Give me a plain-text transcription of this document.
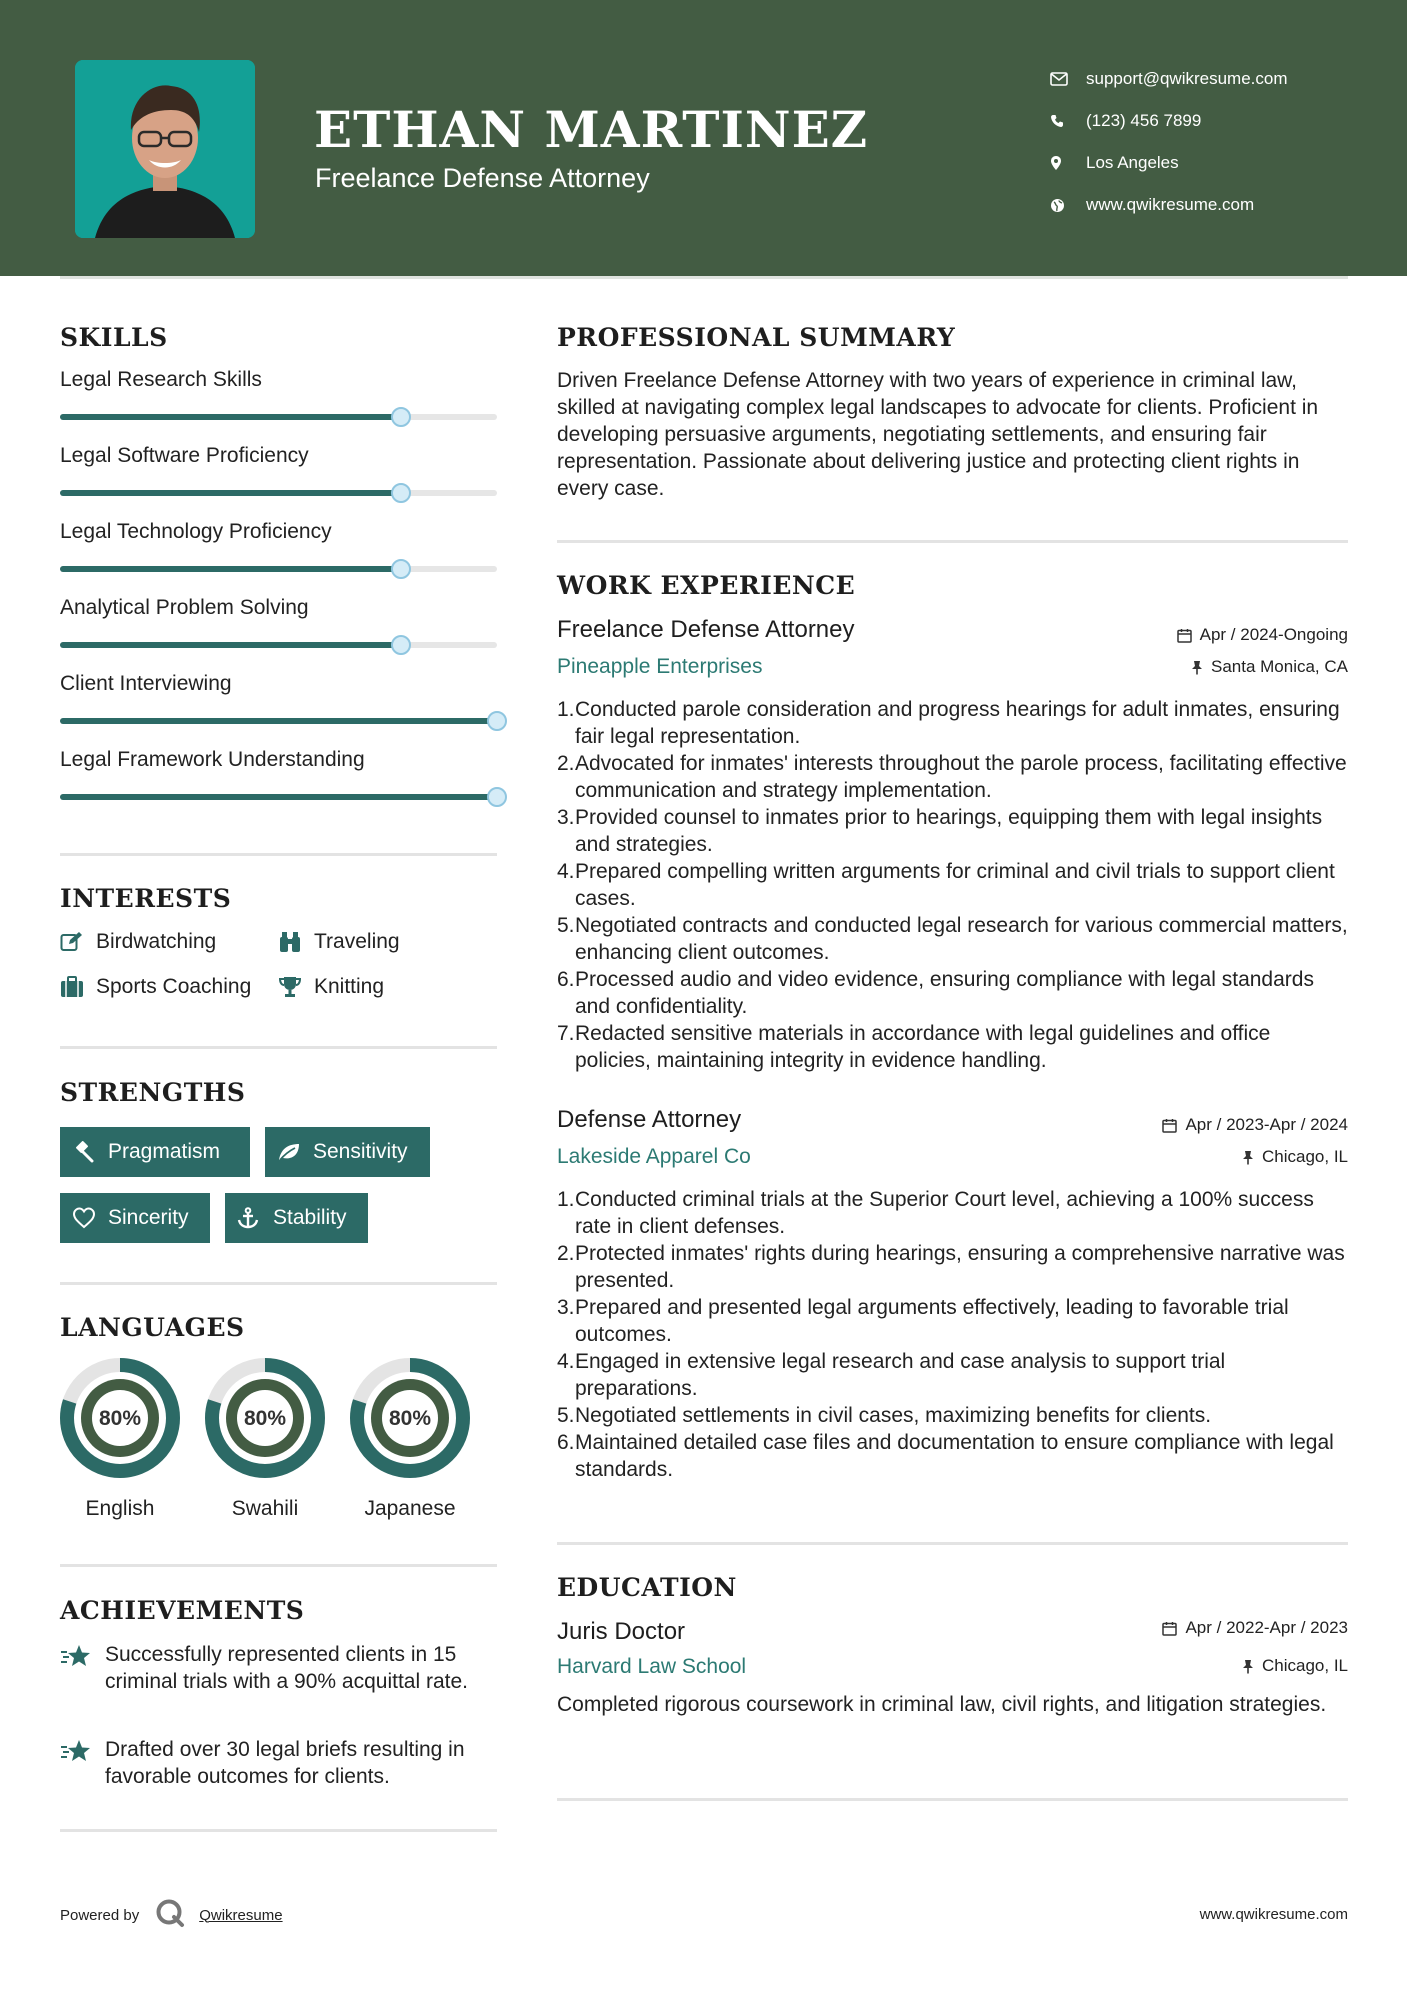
ETHAN MARTINEZ
Freelance Defense Attorney
support@qwikresume.com
(123) 456 7899
Los Angeles
www.qwikresume.com
SKILLS
Legal Research Skills
Legal Software Proficiency
Legal Technology Proficiency
Analytical Problem Solving
Client Interviewing
Legal Framework Understanding
INTERESTS
Birdwatching	Traveling
Sports Coaching	Knitting
STRENGTHS
Pragmatism	Sensitivity
Sincerity	Stability
LANGUAGES
80%
English
80%
Swahili
80%
Japanese
ACHIEVEMENTS
Successfully represented clients in 15 criminal trials with a 90% acquittal rate.
Drafted over 30 legal briefs resulting in favorable outcomes for clients.
PROFESSIONAL SUMMARY
Driven Freelance Defense Attorney with two years of experience in criminal law, skilled at navigating complex legal landscapes to advocate for clients. Proficient in developing persuasive arguments, negotiating settlements, and ensuring fair representation. Passionate about delivering justice and protecting client rights in every case.
WORK EXPERIENCE
Freelance Defense Attorney	Apr / 2024-Ongoing
Pineapple Enterprises	Santa Monica, CA
1. Conducted parole consideration and progress hearings for adult inmates, ensuring fair legal representation.
2. Advocated for inmates' interests throughout the parole process, facilitating effective communication and strategy implementation.
3. Provided counsel to inmates prior to hearings, equipping them with legal insights and strategies.
4. Prepared compelling written arguments for criminal and civil trials to support client cases.
5. Negotiated contracts and conducted legal research for various commercial matters, enhancing client outcomes.
6. Processed audio and video evidence, ensuring compliance with legal standards and confidentiality.
7. Redacted sensitive materials in accordance with legal guidelines and office policies, maintaining integrity in evidence handling.
Defense Attorney	Apr / 2023-Apr / 2024
Lakeside Apparel Co	Chicago, IL
1. Conducted criminal trials at the Superior Court level, achieving a 100% success rate in client defenses.
2. Protected inmates' rights during hearings, ensuring a comprehensive narrative was presented.
3. Prepared and presented legal arguments effectively, leading to favorable trial outcomes.
4. Engaged in extensive legal research and case analysis to support trial preparations.
5. Negotiated settlements in civil cases, maximizing benefits for clients.
6. Maintained detailed case files and documentation to ensure compliance with legal standards.
EDUCATION
Juris Doctor	Apr / 2022-Apr / 2023
Harvard Law School	Chicago, IL
Completed rigorous coursework in criminal law, civil rights, and litigation strategies.
Powered by	Qwikresume	www.qwikresume.com
